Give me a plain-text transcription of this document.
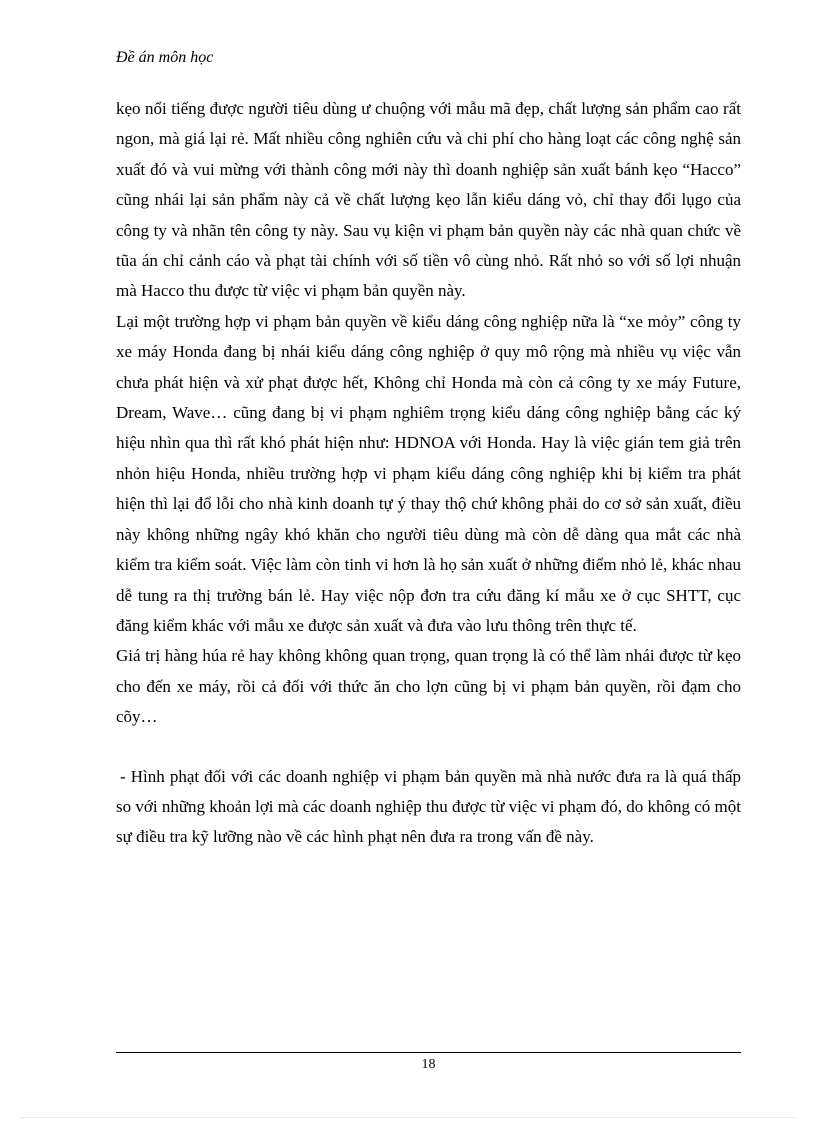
Đề án môn học

kẹo nổi tiếng được người tiêu dùng ư chuộng với mẫu mã đẹp, chất lượng sản phẩm cao rất ngon, mà giá lại rẻ. Mất nhiều công nghiên cứu và chi phí cho hàng loạt các công nghệ sản xuất đó và vui mừng với thành công mới này thì doanh nghiệp sản xuất bánh kẹo “Hacco” cũng nhái lại sản phẩm này cả về chất lượng kẹo lẫn kiểu dáng vỏ, chỉ thay đổi lụgo của công ty và nhãn tên công ty này. Sau vụ kiện vi phạm bản quyền này các nhà quan chức về tũa án chỉ cảnh cáo và phạt tài chính với số tiền vô cùng nhỏ. Rất nhỏ so với số lợi nhuận mà Hacco thu được từ việc vi phạm bản quyền này.

Lại một trường hợp vi phạm bản quyền về kiểu dáng công nghiệp nữa là “xe mỏy” công ty xe máy Honda đang bị nhái kiểu dáng công nghiệp ở quy mô rộng mà nhiều vụ việc vẫn chưa phát hiện và xử phạt được hết, Không chỉ Honda mà còn cả công ty xe máy Future, Dream, Wave… cũng đang bị vi phạm nghiêm trọng kiểu dáng công nghiệp bằng các ký hiệu nhìn qua thì rất khó phát hiện như: HDNOA với Honda. Hay là việc gián tem giả trên nhỏn hiệu Honda, nhiều trường hợp vi phạm kiểu dáng công nghiệp khi bị kiểm tra phát hiện thì lại đổ lỗi cho nhà kinh doanh tự ý thay thộ chứ không phải do cơ sở sản xuất, điều này không những ngây khó khăn cho người tiêu dùng mà còn dễ dàng qua mắt các nhà kiểm tra kiểm soát. Việc làm còn tinh vi hơn là họ sản xuất ở những điểm nhỏ lẻ, khác nhau dễ tung ra thị trường bán lẻ. Hay việc nộp đơn tra cứu đăng kí mẫu xe ở cục SHTT, cục đăng kiểm khác với mẫu xe được sản xuất và đưa vào lưu thông trên thực tế.

Giá trị hàng húa rẻ hay không không quan trọng, quan trọng là có thể làm nhái được từ kẹo cho đến xe máy, rồi cả đối với thức ăn cho lợn cũng bị vi phạm bản quyền, rồi đạm cho cõy…

- Hình phạt đối với các doanh nghiệp vi phạm bản quyền mà nhà nước đưa ra là quá thấp so với những khoản lợi mà các doanh nghiệp thu được từ việc vi phạm đó, do không có một sự điều tra kỹ lưỡng nào về các hình phạt nên đưa ra trong vấn đề này.

18
